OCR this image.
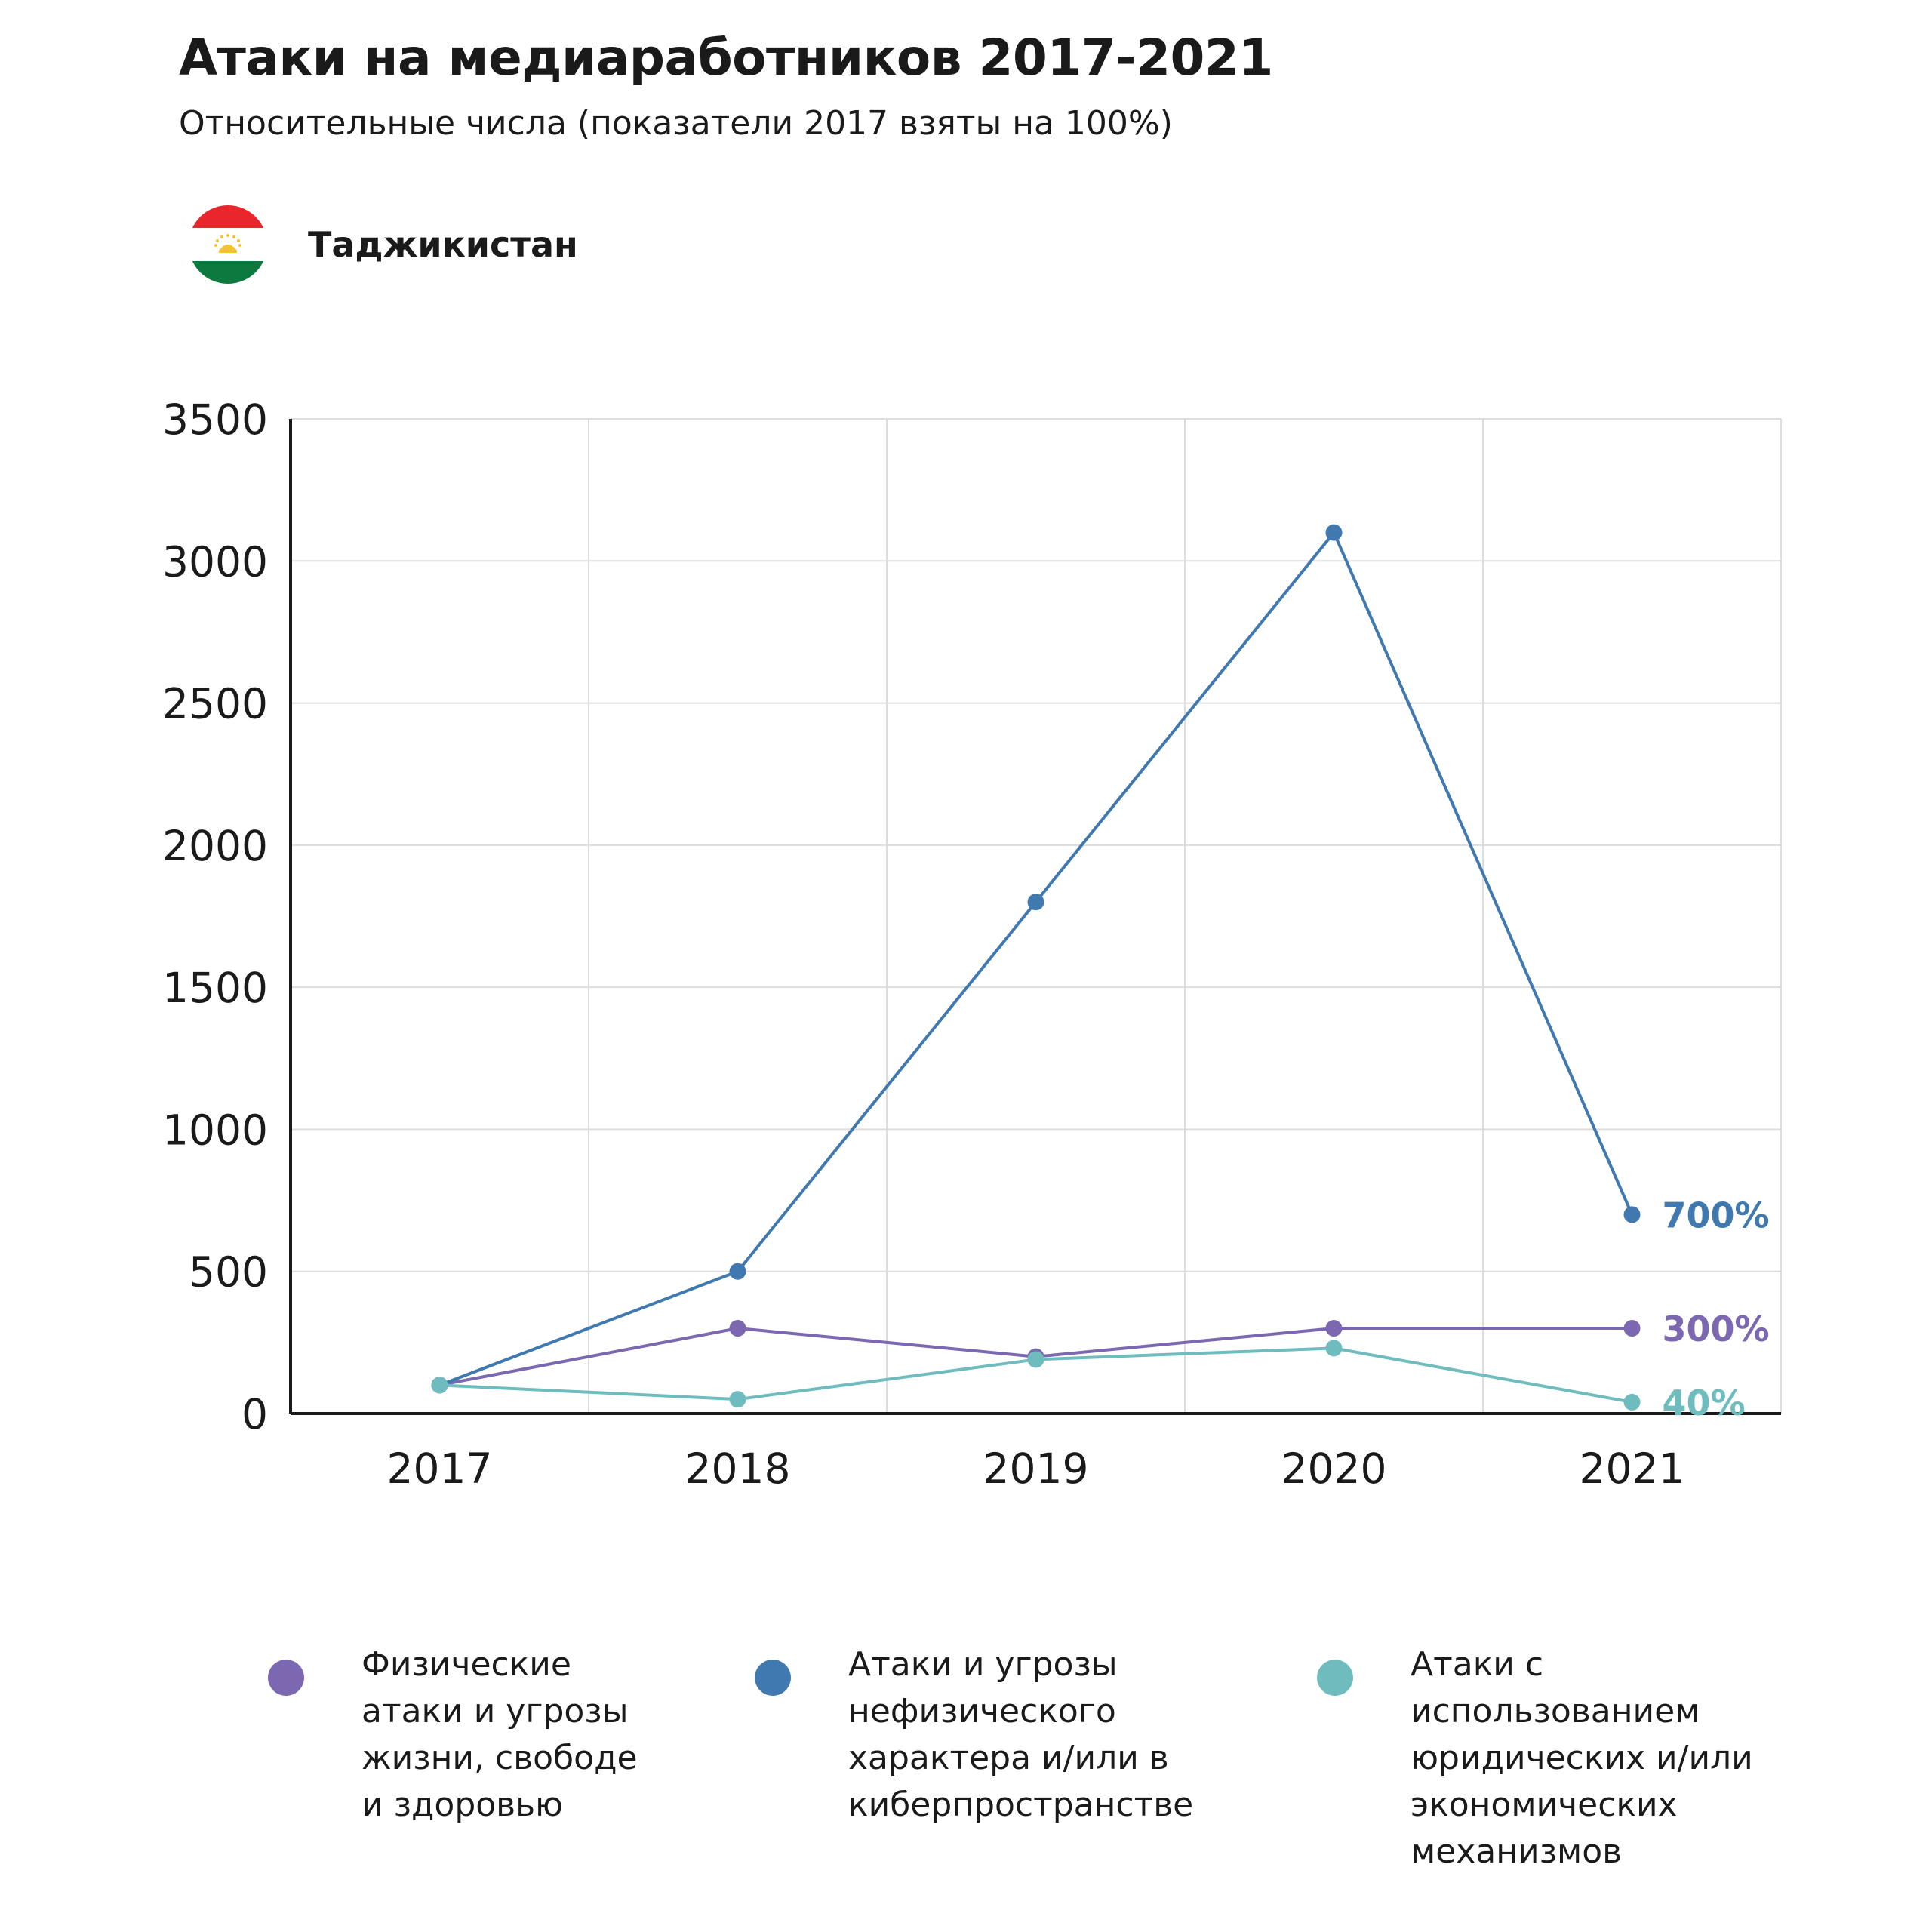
Атаки на медиаработников 2017-2021
Относительные числа (показатели 2017 взяты на 100%)
Таджикистан
0
500
1000
1500
2000
2500
3000
3500
2017	2018	2019	2020	2021
300%
700%
40%
Физические
атаки и угрозы
жизни, свободе
и здоровью
Атаки и угрозы
нефизического
характера и/или в
киберпространстве
Атаки с
использованием
юридических и/или
экономических
механизмов
